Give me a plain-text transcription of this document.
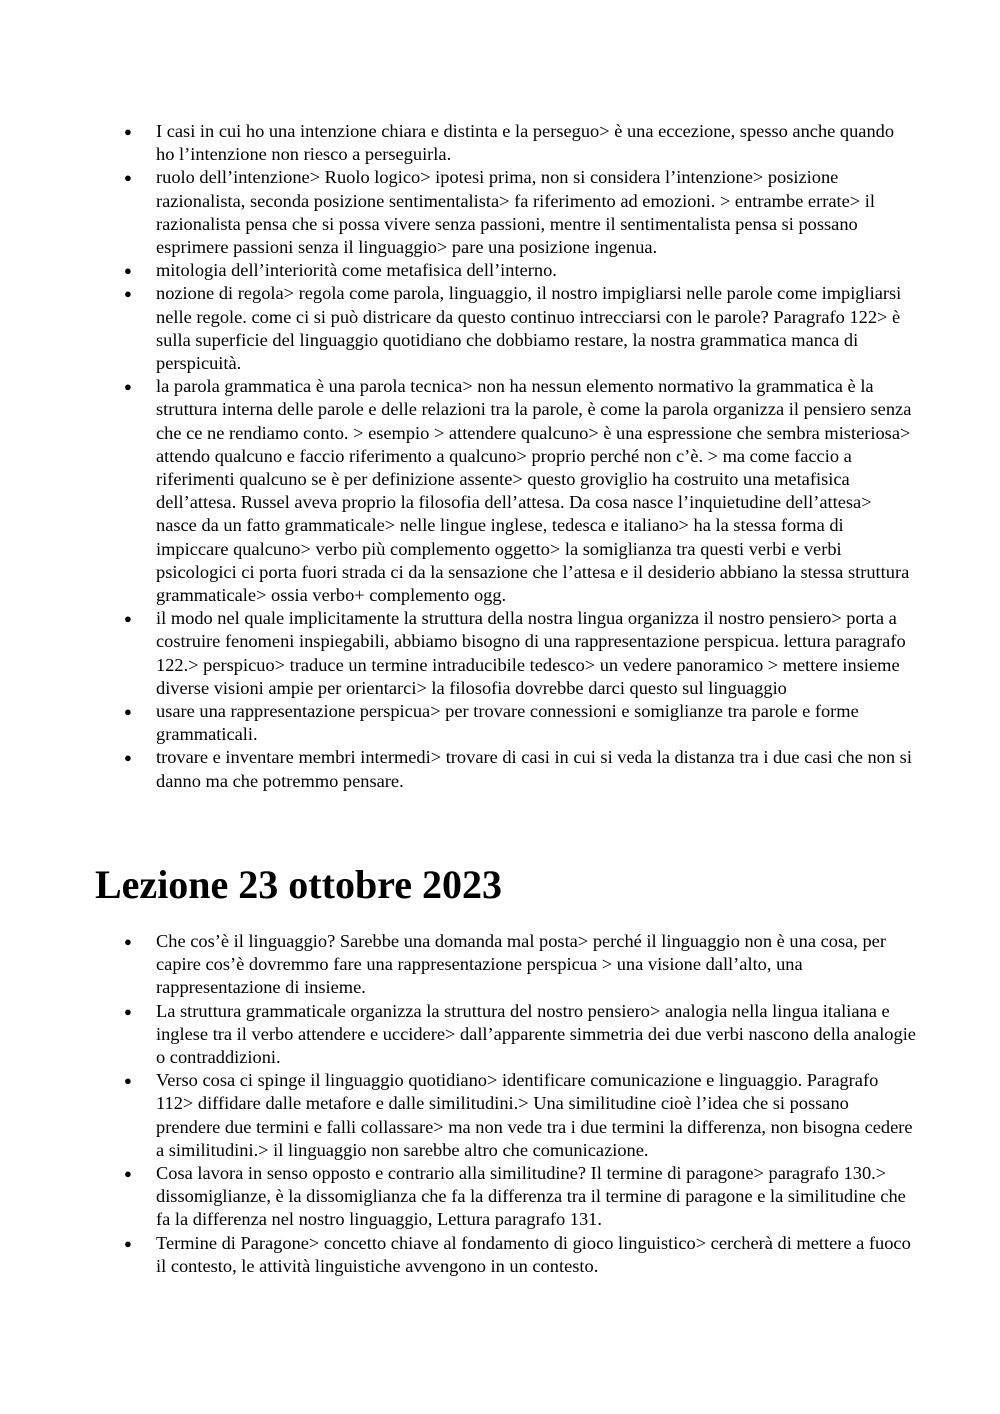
● I casi in cui ho una intenzione chiara e distinta e la perseguo> è una eccezione, spesso anche quando ho l’intenzione non riesco a perseguirla.
● ruolo dell’intenzione> Ruolo logico> ipotesi prima, non si considera l’intenzione> posizione razionalista, seconda posizione sentimentalista> fa riferimento ad emozioni. > entrambe errate> il razionalista pensa che si possa vivere senza passioni, mentre il sentimentalista pensa si possano esprimere passioni senza il linguaggio> pare una posizione ingenua.
● mitologia dell’interiorità come metafisica dell’interno.
● nozione di regola> regola come parola, linguaggio, il nostro impigliarsi nelle parole come impigliarsi nelle regole. come ci si può districare da questo continuo intrecciarsi con le parole? Paragrafo 122> è sulla superficie del linguaggio quotidiano che dobbiamo restare, la nostra grammatica manca di perspicuità.
● la parola grammatica è una parola tecnica> non ha nessun elemento normativo la grammatica è la struttura interna delle parole e delle relazioni tra la parole, è come la parola organizza il pensiero senza che ce ne rendiamo conto. > esempio > attendere qualcuno> è una espressione che sembra misteriosa> attendo qualcuno e faccio riferimento a qualcuno> proprio perché non c’è. > ma come faccio a riferimenti qualcuno se è per definizione assente> questo groviglio ha costruito una metafisica dell’attesa. Russel aveva proprio la filosofia dell’attesa. Da cosa nasce l’inquietudine dell’attesa> nasce da un fatto grammaticale> nelle lingue inglese, tedesca e italiano> ha la stessa forma di impiccare qualcuno> verbo più complemento oggetto> la somiglianza tra questi verbi e verbi psicologici ci porta fuori strada ci da la sensazione che l’attesa e il desiderio abbiano la stessa struttura grammaticale> ossia verbo+ complemento ogg.
● il modo nel quale implicitamente la struttura della nostra lingua organizza il nostro pensiero> porta a costruire fenomeni inspiegabili, abbiamo bisogno di una rappresentazione perspicua. lettura paragrafo 122.> perspicuo> traduce un termine intraducibile tedesco> un vedere panoramico > mettere insieme diverse visioni ampie per orientarci> la filosofia dovrebbe darci questo sul linguaggio
● usare una rappresentazione perspicua> per trovare connessioni e somiglianze tra parole e forme grammaticali.
● trovare e inventare membri intermedi> trovare di casi in cui si veda la distanza tra i due casi che non si danno ma che potremmo pensare.
Lezione 23 ottobre 2023
● Che cos’è il linguaggio? Sarebbe una domanda mal posta> perché il linguaggio non è una cosa, per capire cos’è dovremmo fare una rappresentazione perspicua > una visione dall’alto, una rappresentazione di insieme.
● La struttura grammaticale organizza la struttura del nostro pensiero> analogia nella lingua italiana e inglese tra il verbo attendere e uccidere> dall’apparente simmetria dei due verbi nascono della analogie o contraddizioni.
● Verso cosa ci spinge il linguaggio quotidiano> identificare comunicazione e linguaggio. Paragrafo 112> diffidare dalle metafore e dalle similitudini.> Una similitudine cioè l’idea che si possano prendere due termini e falli collassare> ma non vede tra i due termini la differenza, non bisogna cedere a similitudini.> il linguaggio non sarebbe altro che comunicazione.
● Cosa lavora in senso opposto e contrario alla similitudine? Il termine di paragone> paragrafo 130.> dissomiglianze, è la dissomiglianza che fa la differenza tra il termine di paragone e la similitudine che fa la differenza nel nostro linguaggio, Lettura paragrafo 131.
● Termine di Paragone> concetto chiave al fondamento di gioco linguistico> cercherà di mettere a fuoco il contesto, le attività linguistiche avvengono in un contesto.
